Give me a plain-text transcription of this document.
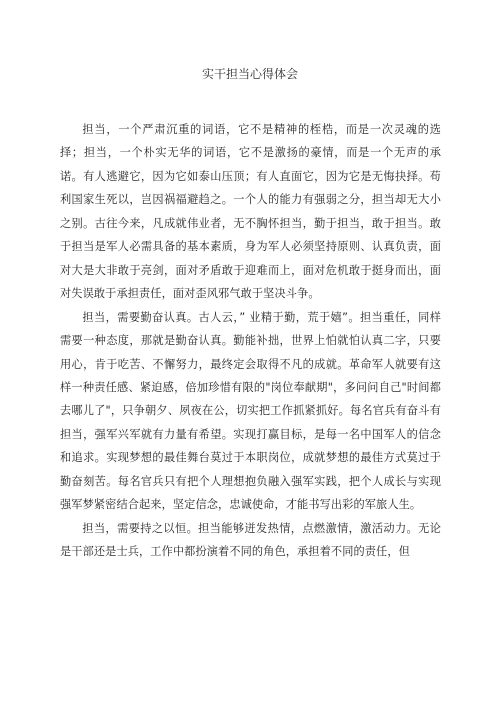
实干担当心得体会

担当，一个严肃沉重的词语，它不是精神的桎梏，而是一次灵魂的选择；担当，一个朴实无华的词语，它不是激扬的豪情，而是一个无声的承诺。有人逃避它，因为它如泰山压顶；有人直面它，因为它是无悔抉择。苟利国家生死以，岂因祸福避趋之。一个人的能力有强弱之分，担当却无大小之别。古往今来，凡成就伟业者，无不胸怀担当，勤于担当，敢于担当。敢于担当是军人必需具备的基本素质，身为军人必须坚持原则、认真负责，面对大是大非敢于亮剑，面对矛盾敢于迎难而上，面对危机敢于挺身而出，面对失误敢于承担责任，面对歪风邪气敢于坚决斗争。

担当，需要勤奋认真。古人云，” 业精于勤，荒于嬉”。担当重任，同样需要一种态度，那就是勤奋认真。勤能补拙，世界上怕就怕认真二字，只要用心，肯于吃苦、不懈努力，最终定会取得不凡的成就。革命军人就要有这样一种责任感、紧迫感，倍加珍惜有限的"岗位奉献期"，多问问自己"时间都去哪儿了"，只争朝夕、夙夜在公，切实把工作抓紧抓好。每名官兵有奋斗有担当，强军兴军就有力量有希望。实现打赢目标，是每一名中国军人的信念和追求。实现梦想的最佳舞台莫过于本职岗位，成就梦想的最佳方式莫过于勤奋刻苦。每名官兵只有把个人理想抱负融入强军实践，把个人成长与实现强军梦紧密结合起来，坚定信念，忠诚使命，才能书写出彩的军旅人生。

担当，需要持之以恒。担当能够迸发热情，点燃激情，激活动力。无论是干部还是士兵，工作中都扮演着不同的角色，承担着不同的责任，但
